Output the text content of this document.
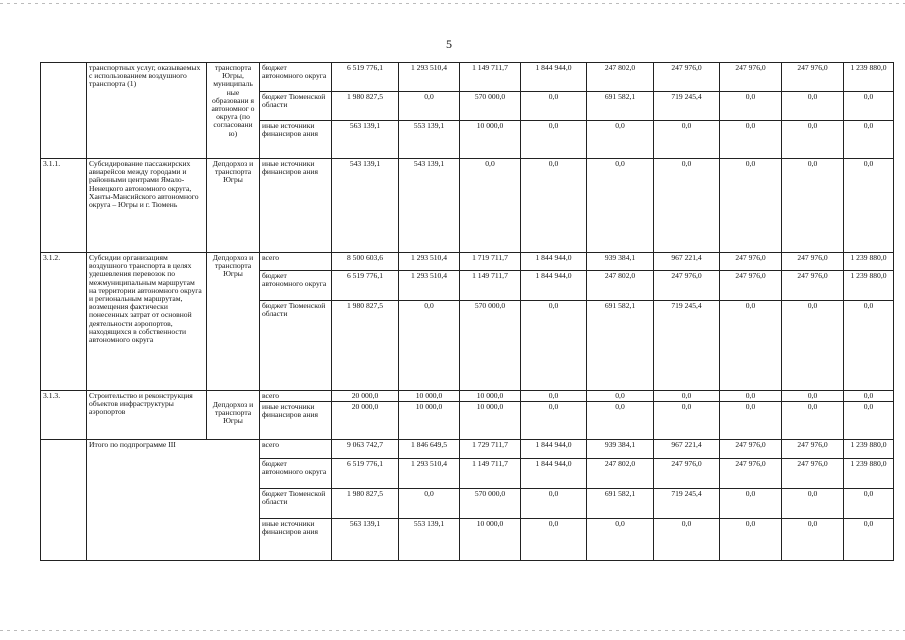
5
	транспортных услуг, оказываемых с использованием воздушного транспорта (1)	транспорта Югры, муниципаль ные образовани я автономног о округа (по согласовани ю)	бюджет автономного округа	6 519 776,1	1 293 510,4	1 149 711,7	1 844 944,0	247 802,0	247 976,0	247 976,0	247 976,0	1 239 880,0
			бюджет Тюменской области	1 980 827,5	0,0	570 000,0	0,0	691 582,1	719 245,4	0,0	0,0	0,0
			иные источники финансиров ания	563 139,1	553 139,1	10 000,0	0,0	0,0	0,0	0,0	0,0	0,0
3.1.1.	Субсидирование пассажирских авиарейсов между городами и районными центрами Ямало-Ненецкого автономного округа, Ханты-Мансийского автономного округа – Югры и г. Тюмень	Депдорхоз и транспорта Югры	иные источники финансиров ания	543 139,1	543 139,1	0,0	0,0	0,0	0,0	0,0	0,0	0,0
3.1.2.	Субсидии организациям воздушного транспорта в целях удешевления перевозок по межмуниципальным маршрутам на территории автономного округа и региональным маршрутам, возмещения фактически понесенных затрат от основной деятельности аэропортов, находящихся в собственности автономного округа	Депдорхоз и транспорта Югры	всего	8 500 603,6	1 293 510,4	1 719 711,7	1 844 944,0	939 384,1	967 221,4	247 976,0	247 976,0	1 239 880,0
			бюджет автономного округа	6 519 776,1	1 293 510,4	1 149 711,7	1 844 944,0	247 802,0	247 976,0	247 976,0	247 976,0	1 239 880,0
			бюджет Тюменской области	1 980 827,5	0,0	570 000,0	0,0	691 582,1	719 245,4	0,0	0,0	0,0
3.1.3.	Строительство и реконструкция объектов инфраструктуры аэропортов	Депдорхоз и транспорта Югры	всего	20 000,0	10 000,0	10 000,0	0,0	0,0	0,0	0,0	0,0	0,0
			иные источники финансиров ания	20 000,0	10 000,0	10 000,0	0,0	0,0	0,0	0,0	0,0	0,0
	Итого по подпрограмме III		всего	9 063 742,7	1 846 649,5	1 729 711,7	1 844 944,0	939 384,1	967 221,4	247 976,0	247 976,0	1 239 880,0
			бюджет автономного округа	6 519 776,1	1 293 510,4	1 149 711,7	1 844 944,0	247 802,0	247 976,0	247 976,0	247 976,0	1 239 880,0
			бюджет Тюменской области	1 980 827,5	0,0	570 000,0	0,0	691 582,1	719 245,4	0,0	0,0	0,0
			иные источники финансиров ания	563 139,1	553 139,1	10 000,0	0,0	0,0	0,0	0,0	0,0	0,0
